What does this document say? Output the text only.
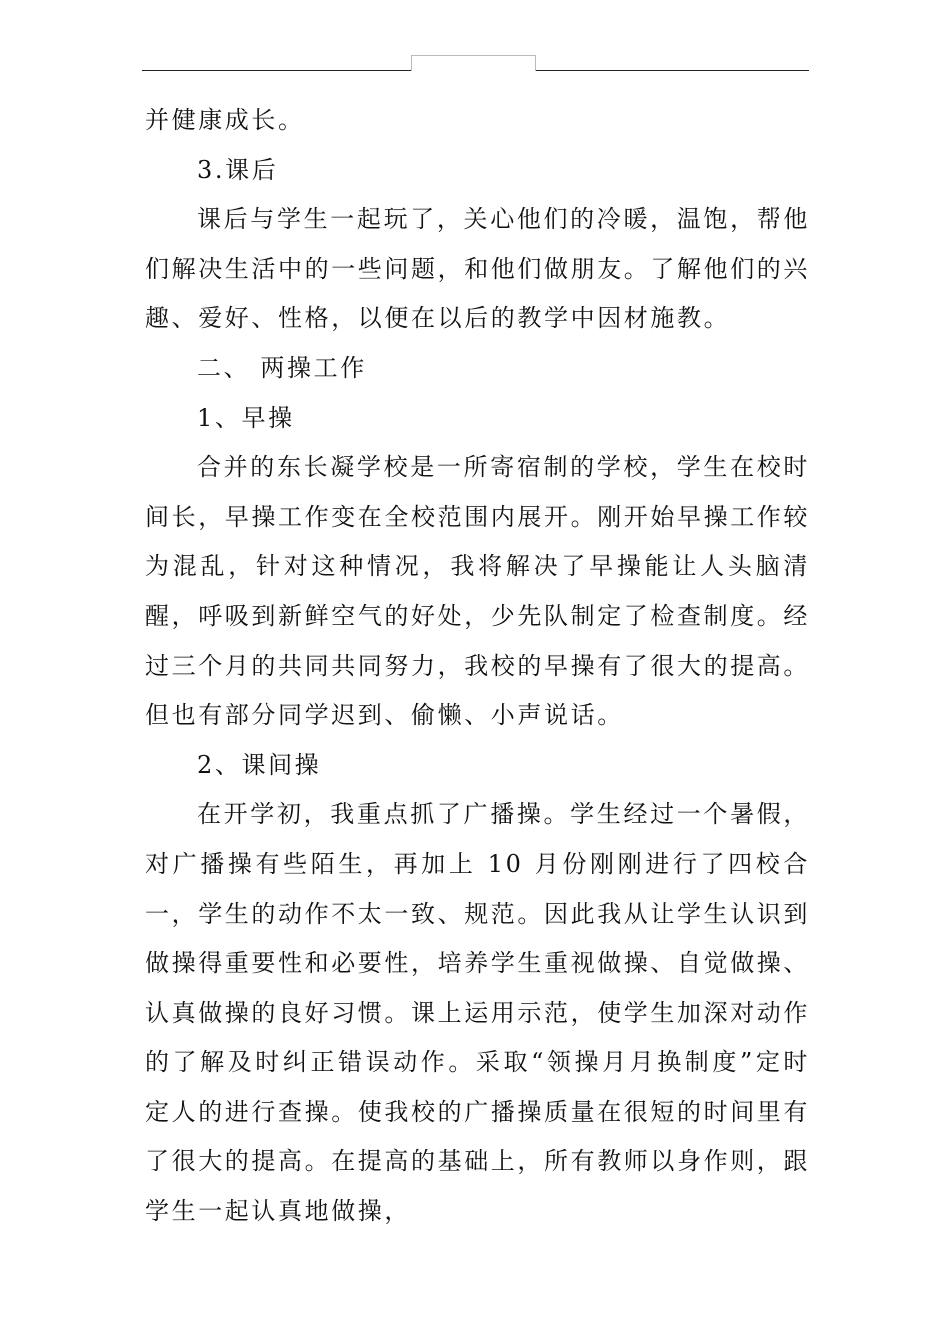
并健康成长。

3.课后

课后与学生一起玩了，关心他们的冷暖，温饱，帮他们解决生活中的一些问题，和他们做朋友。了解他们的兴趣、爱好、性格，以便在以后的教学中因材施教。

二、 两操工作

1、早操

合并的东长凝学校是一所寄宿制的学校，学生在校时间长，早操工作变在全校范围内展开。刚开始早操工作较为混乱，针对这种情况，我将解决了早操能让人头脑清醒，呼吸到新鲜空气的好处，少先队制定了检查制度。经过三个月的共同共同努力，我校的早操有了很大的提高。但也有部分同学迟到、偷懒、小声说话。

2、课间操

在开学初，我重点抓了广播操。学生经过一个暑假，对广播操有些陌生，再加上 10 月份刚刚进行了四校合一，学生的动作不太一致、规范。因此我从让学生认识到做操得重要性和必要性，培养学生重视做操、自觉做操、认真做操的良好习惯。课上运用示范，使学生加深对动作的了解及时纠正错误动作。采取“领操月月换制度”定时定人的进行查操。使我校的广播操质量在很短的时间里有了很大的提高。在提高的基础上，所有教师以身作则，跟学生一起认真地做操，
